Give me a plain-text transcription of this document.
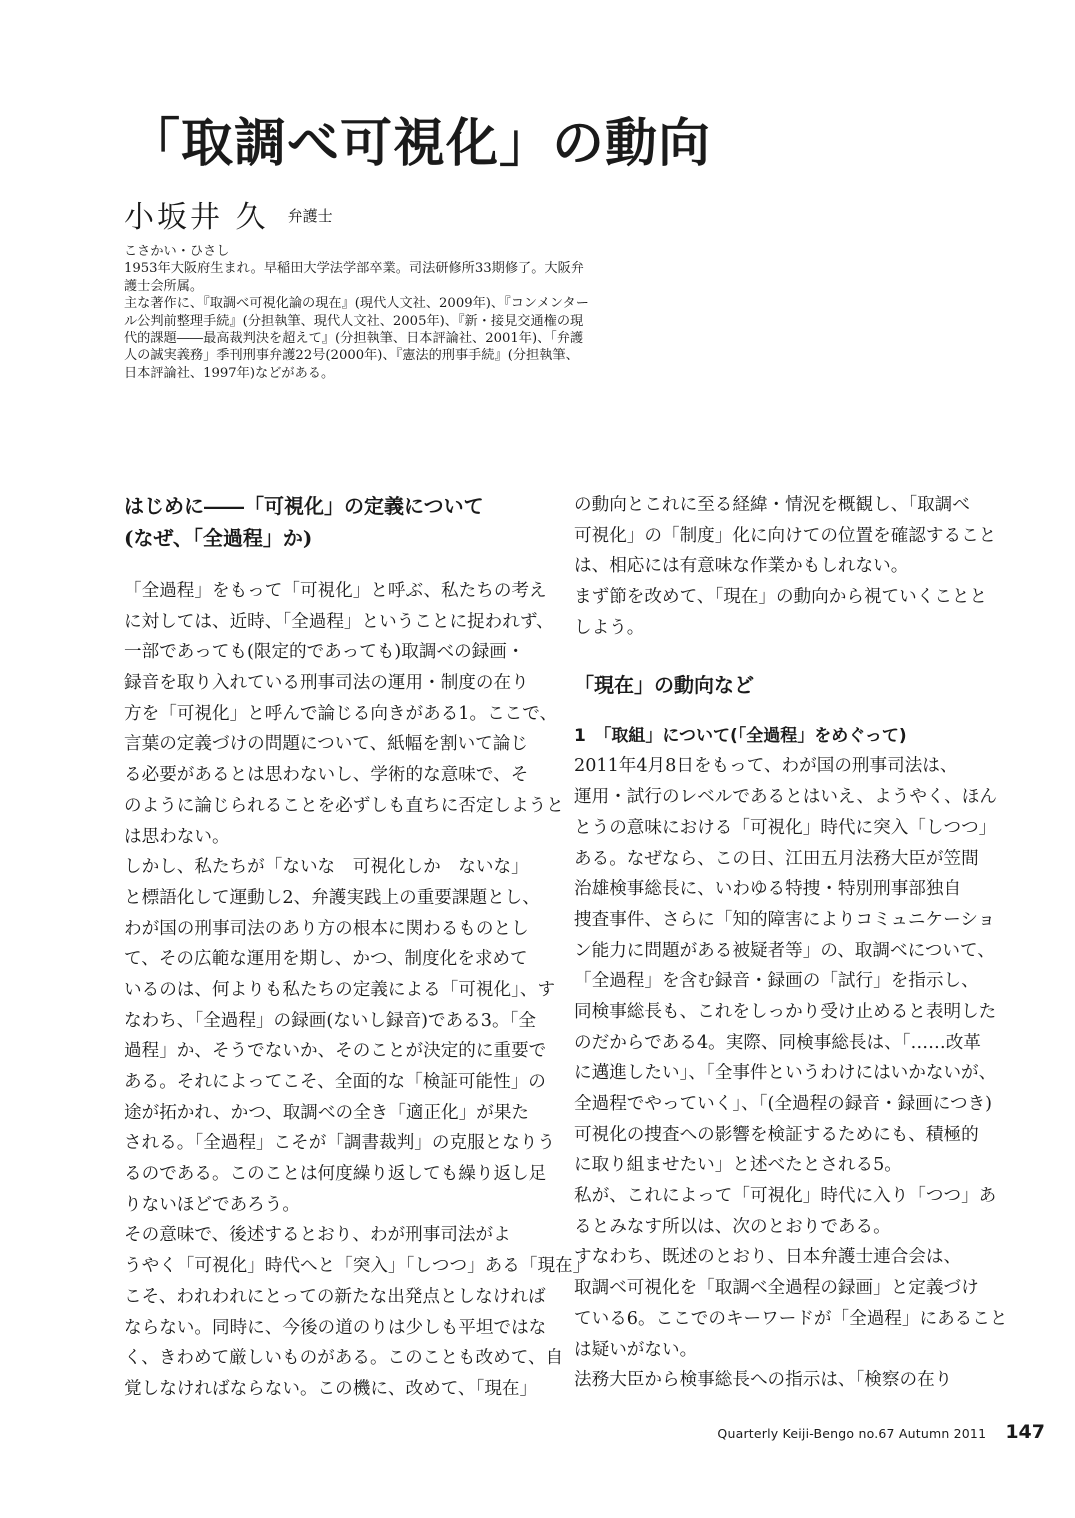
「取調べ可視化」の動向
小坂井 久 弁護士
こさかい・ひさし
1953年大阪府生まれ。早稲田大学法学部卒業。司法研修所33期修了。大阪弁
護士会所属。
主な著作に、『取調べ可視化論の現在』(現代人文社、2009年)、『コンメンター
ル公判前整理手続』(分担執筆、現代人文社、2005年)、『新・接見交通権の現
代的課題――最高裁判決を超えて』(分担執筆、日本評論社、2001年)、「弁護
人の誠実義務」季刊刑事弁護22号(2000年)、『憲法的刑事手続』(分担執筆、
日本評論社、1997年)などがある。
はじめに――「可視化」の定義について
(なぜ、「全過程」か)
「全過程」をもって「可視化」と呼ぶ、私たちの考え
に対しては、近時、「全過程」ということに捉われず、
一部であっても(限定的であっても)取調べの録画・
録音を取り入れている刑事司法の運用・制度の在り
方を「可視化」と呼んで論じる向きがある1。ここで、
言葉の定義づけの問題について、紙幅を割いて論じ
る必要があるとは思わないし、学術的な意味で、そ
のように論じられることを必ずしも直ちに否定しようと
は思わない。
しかし、私たちが「ないな　可視化しか　ないな」
と標語化して運動し2、弁護実践上の重要課題とし、
わが国の刑事司法のあり方の根本に関わるものとし
て、その広範な運用を期し、かつ、制度化を求めて
いるのは、何よりも私たちの定義による「可視化」、す
なわち、「全過程」の録画(ないし録音)である3。「全
過程」か、そうでないか、そのことが決定的に重要で
ある。それによってこそ、全面的な「検証可能性」の
途が拓かれ、かつ、取調べの全き「適正化」が果た
される。「全過程」こそが「調書裁判」の克服となりう
るのである。このことは何度繰り返しても繰り返し足
りないほどであろう。
その意味で、後述するとおり、わが刑事司法がよ
うやく「可視化」時代へと「突入」「しつつ」ある「現在」
こそ、われわれにとっての新たな出発点としなければ
ならない。同時に、今後の道のりは少しも平坦ではな
く、きわめて厳しいものがある。このことも改めて、自
覚しなければならない。この機に、改めて、「現在」
の動向とこれに至る経緯・情況を概観し、「取調べ
可視化」の「制度」化に向けての位置を確認すること
は、相応には有意味な作業かもしれない。
まず節を改めて、「現在」の動向から視ていくことと
しよう。
「現在」の動向など
1　「取組」について(「全過程」をめぐって)
2011年4月8日をもって、わが国の刑事司法は、
運用・試行のレベルであるとはいえ、ようやく、ほん
とうの意味における「可視化」時代に突入「しつつ」
ある。なぜなら、この日、江田五月法務大臣が笠間
治雄検事総長に、いわゆる特捜・特別刑事部独自
捜査事件、さらに「知的障害によりコミュニケーショ
ン能力に問題がある被疑者等」の、取調べについて、
「全過程」を含む録音・録画の「試行」を指示し、
同検事総長も、これをしっかり受け止めると表明した
のだからである4。実際、同検事総長は、「……改革
に邁進したい」、「全事件というわけにはいかないが、
全過程でやっていく」、「(全過程の録音・録画につき)
可視化の捜査への影響を検証するためにも、積極的
に取り組ませたい」と述べたとされる5。
私が、これによって「可視化」時代に入り「つつ」あ
るとみなす所以は、次のとおりである。
すなわち、既述のとおり、日本弁護士連合会は、
取調べ可視化を「取調べ全過程の録画」と定義づけ
ている6。ここでのキーワードが「全過程」にあること
は疑いがない。
法務大臣から検事総長への指示は、「検察の在り
Quarterly Keiji-Bengo no.67 Autumn 2011 147
